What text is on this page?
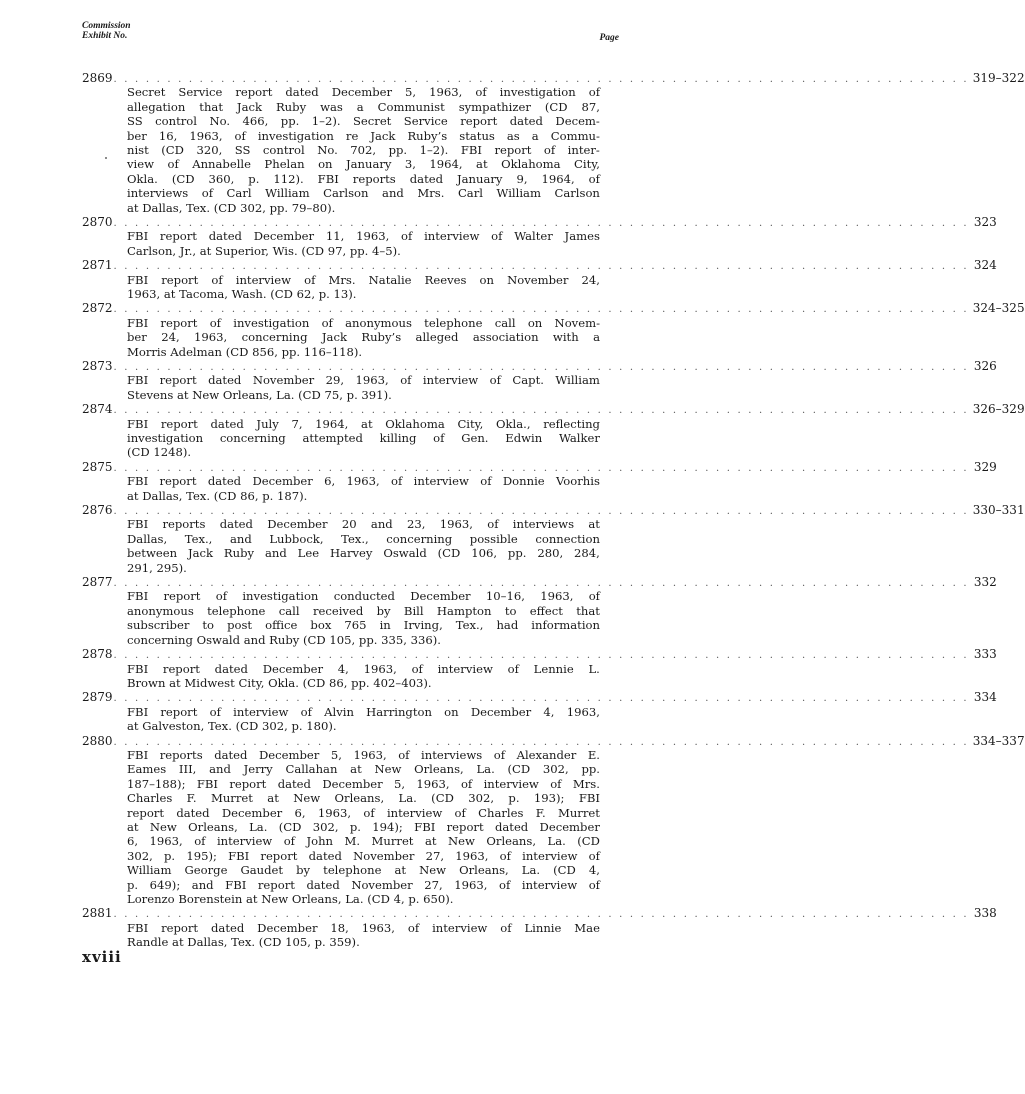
Commission
Exhibit No.	Page
2869 . . . . . . . . . . . . . . . . . . . . . . . . . . . . . . . . . . . . . . . . . . . . . . . . . . . . . . . . . . . . . . . . . . . . . . . . . . . . . . . . 319–322
Secret Service report dated December 5, 1963, of investigation of
allegation that Jack Ruby was a Communist sympathizer (CD 87,
SS control No. 466, pp. 1–2). Secret Service report dated Decem-
ber 16, 1963, of investigation re Jack Ruby’s status as a Commu-
nist (CD 320, SS control No. 702, pp. 1–2). FBI report of inter-
view of Annabelle Phelan on January 3, 1964, at Oklahoma City,
Okla. (CD 360, p. 112). FBI reports dated January 9, 1964, of
interviews of Carl William Carlson and Mrs. Carl William Carlson
at Dallas, Tex. (CD 302, pp. 79–80).
2870 . . . . . . . . . . . . . . . . . . . . . . . . . . . . . . . . . . . . . . . . . . . . . . . . . . . . . . . . . . . . . . . . . . . . . . . . . . . . . . . . 323
FBI report dated December 11, 1963, of interview of Walter James
Carlson, Jr., at Superior, Wis. (CD 97, pp. 4–5).
2871 . . . . . . . . . . . . . . . . . . . . . . . . . . . . . . . . . . . . . . . . . . . . . . . . . . . . . . . . . . . . . . . . . . . . . . . . . . . . . . . . 324
FBI report of interview of Mrs. Natalie Reeves on November 24,
1963, at Tacoma, Wash. (CD 62, p. 13).
2872 . . . . . . . . . . . . . . . . . . . . . . . . . . . . . . . . . . . . . . . . . . . . . . . . . . . . . . . . . . . . . . . . . . . . . . . . . . . . . . . . 324–325
FBI report of investigation of anonymous telephone call on Novem-
ber 24, 1963, concerning Jack Ruby’s alleged association with a
Morris Adelman (CD 856, pp. 116–118).
2873 . . . . . . . . . . . . . . . . . . . . . . . . . . . . . . . . . . . . . . . . . . . . . . . . . . . . . . . . . . . . . . . . . . . . . . . . . . . . . . . . 326
FBI report dated November 29, 1963, of interview of Capt. William
Stevens at New Orleans, La. (CD 75, p. 391).
2874 . . . . . . . . . . . . . . . . . . . . . . . . . . . . . . . . . . . . . . . . . . . . . . . . . . . . . . . . . . . . . . . . . . . . . . . . . . . . . . . . 326–329
FBI report dated July 7, 1964, at Oklahoma City, Okla., reflecting
investigation concerning attempted killing of Gen. Edwin Walker
(CD 1248).
2875 . . . . . . . . . . . . . . . . . . . . . . . . . . . . . . . . . . . . . . . . . . . . . . . . . . . . . . . . . . . . . . . . . . . . . . . . . . . . . . . . 329
FBI report dated December 6, 1963, of interview of Donnie Voorhis
at Dallas, Tex. (CD 86, p. 187).
2876 . . . . . . . . . . . . . . . . . . . . . . . . . . . . . . . . . . . . . . . . . . . . . . . . . . . . . . . . . . . . . . . . . . . . . . . . . . . . . . . . 330–331
FBI reports dated December 20 and 23, 1963, of interviews at
Dallas, Tex., and Lubbock, Tex., concerning possible connection
between Jack Ruby and Lee Harvey Oswald (CD 106, pp. 280, 284,
291, 295).
2877 . . . . . . . . . . . . . . . . . . . . . . . . . . . . . . . . . . . . . . . . . . . . . . . . . . . . . . . . . . . . . . . . . . . . . . . . . . . . . . . . 332
FBI report of investigation conducted December 10–16, 1963, of
anonymous telephone call received by Bill Hampton to effect that
subscriber to post office box 765 in Irving, Tex., had information
concerning Oswald and Ruby (CD 105, pp. 335, 336).
2878 . . . . . . . . . . . . . . . . . . . . . . . . . . . . . . . . . . . . . . . . . . . . . . . . . . . . . . . . . . . . . . . . . . . . . . . . . . . . . . . . 333
FBI report dated December 4, 1963, of interview of Lennie L.
Brown at Midwest City, Okla. (CD 86, pp. 402–403).
2879 . . . . . . . . . . . . . . . . . . . . . . . . . . . . . . . . . . . . . . . . . . . . . . . . . . . . . . . . . . . . . . . . . . . . . . . . . . . . . . . . 334
FBI report of interview of Alvin Harrington on December 4, 1963,
at Galveston, Tex. (CD 302, p. 180).
2880 . . . . . . . . . . . . . . . . . . . . . . . . . . . . . . . . . . . . . . . . . . . . . . . . . . . . . . . . . . . . . . . . . . . . . . . . . . . . . . . . 334–337
FBI reports dated December 5, 1963, of interviews of Alexander E.
Eames III, and Jerry Callahan at New Orleans, La. (CD 302, pp.
187–188); FBI report dated December 5, 1963, of interview of Mrs.
Charles F. Murret at New Orleans, La. (CD 302, p. 193); FBI
report dated December 6, 1963, of interview of Charles F. Murret
at New Orleans, La. (CD 302, p. 194); FBI report dated December
6, 1963, of interview of John M. Murret at New Orleans, La. (CD
302, p. 195); FBI report dated November 27, 1963, of interview of
William George Gaudet by telephone at New Orleans, La. (CD 4,
p. 649); and FBI report dated November 27, 1963, of interview of
Lorenzo Borenstein at New Orleans, La. (CD 4, p. 650).
2881 . . . . . . . . . . . . . . . . . . . . . . . . . . . . . . . . . . . . . . . . . . . . . . . . . . . . . . . . . . . . . . . . . . . . . . . . . . . . . . . . 338
FBI report dated December 18, 1963, of interview of Linnie Mae
Randle at Dallas, Tex. (CD 105, p. 359).
xviii
